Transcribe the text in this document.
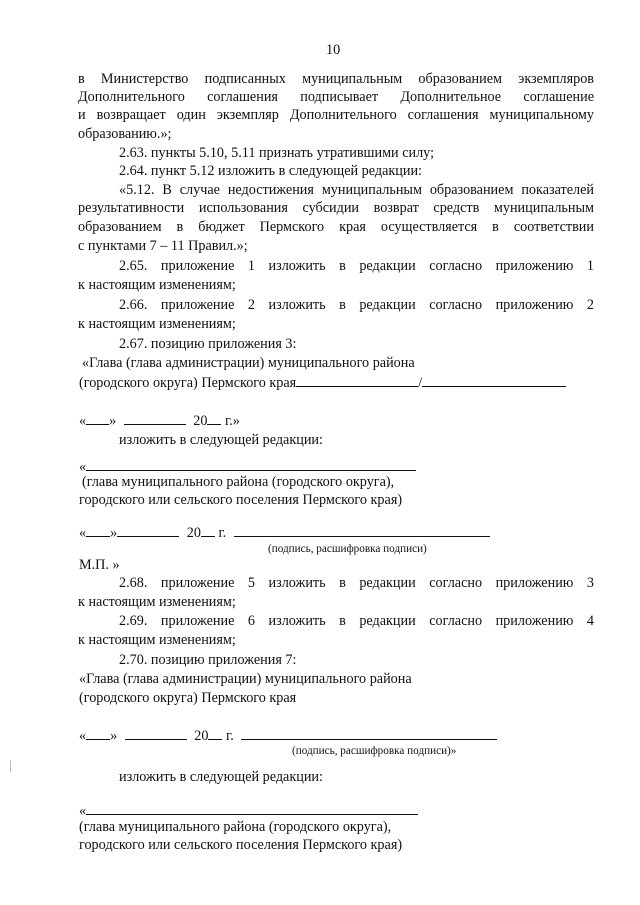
10
в Министерство подписанных муниципальным образованием экземпляров
Дополнительного соглашения подписывает Дополнительное соглашение
и возвращает один экземпляр Дополнительного соглашения муниципальному
образованию.»;
2.63. пункты 5.10, 5.11 признать утратившими силу;
2.64. пункт 5.12 изложить в следующей редакции:
«5.12. В случае недостижения муниципальным образованием показателей
результативности использования субсидии возврат средств муниципальным
образованием в бюджет Пермского края осуществляется в соответствии
с пунктами 7 – 11 Правил.»;
2.65. приложение 1 изложить в редакции согласно приложению 1
к настоящим изменениям;
2.66. приложение 2 изложить в редакции согласно приложению 2
к настоящим изменениям;
2.67. позицию приложения 3:
«Глава (глава администрации) муниципального района
(городского округа) Пермского края	/
« »	20 г.»
изложить в следующей редакции:
«
(глава муниципального района (городского округа),
городского или сельского поселения Пермского края)
« »	20 г.
(подпись, расшифровка подписи)
М.П. »
2.68. приложение 5 изложить в редакции согласно приложению 3
к настоящим изменениям;
2.69. приложение 6 изложить в редакции согласно приложению 4
к настоящим изменениям;
2.70. позицию приложения 7:
«Глава (глава администрации) муниципального района
(городского округа) Пермского края
« »	20 г.
(подпись, расшифровка подписи)»
изложить в следующей редакции:
«
(глава муниципального района (городского округа),
городского или сельского поселения Пермского края)
